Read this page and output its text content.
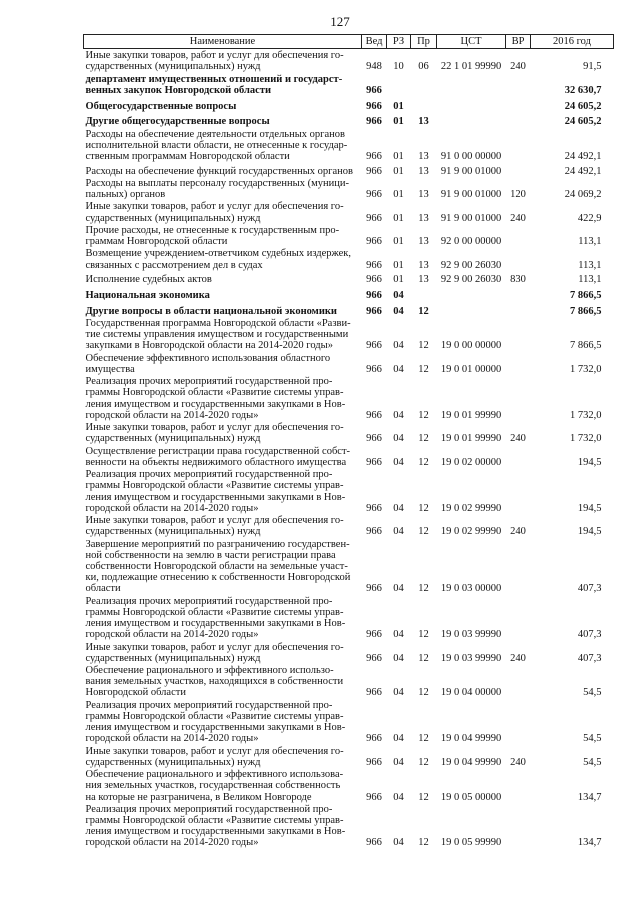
127
Наименование	Вед	РЗ	Пр	ЦСТ	ВР	2016 год

Иные закупки товаров, работ и услуг для обеспечения го-
сударственных (муниципальных) нужд	948	10	06	22 1 01 99990	240	91,5

департамент имущественных отношений и государст-
венных закупок Новгородской области	966					32 630,7

Общегосударственные вопросы	966	01				24 605,2

Другие общегосударственные вопросы	966	01	13			24 605,2

Расходы на обеспечение деятельности отдельных органов
исполнительной власти области, не отнесенные к государ-
ственным программам Новгородской области	966	01	13	91 0 00 00000		24 492,1

Расходы на обеспечение функций государственных органов	966	01	13	91 9 00 01000		24 492,1

Расходы на выплаты персоналу государственных (муници-
пальных) органов	966	01	13	91 9 00 01000	120	24 069,2

Иные закупки товаров, работ и услуг для обеспечения го-
сударственных (муниципальных) нужд	966	01	13	91 9 00 01000	240	422,9

Прочие расходы, не отнесенные к государственным про-
граммам Новгородской области	966	01	13	92 0 00 00000		113,1

Возмещение учреждением-ответчиком судебных издержек,
связанных с рассмотрением дел в судах	966	01	13	92 9 00 26030		113,1

Исполнение судебных актов	966	01	13	92 9 00 26030	830	113,1

Национальная экономика	966	04				7 866,5

Другие вопросы в области национальной экономики	966	04	12			7 866,5

Государственная программа Новгородской области «Разви-
тие системы управления имуществом и государственными
закупками в Новгородской области на 2014-2020 годы»	966	04	12	19 0 00 00000		7 866,5

Обеспечение эффективного использования областного
имущества	966	04	12	19 0 01 00000		1 732,0

Реализация прочих мероприятий государственной про-
граммы Новгородской области «Развитие системы управ-
ления имуществом и государственными закупками в Нов-
городской области на 2014-2020 годы»	966	04	12	19 0 01 99990		1 732,0

Иные закупки товаров, работ и услуг для обеспечения го-
сударственных (муниципальных) нужд	966	04	12	19 0 01 99990	240	1 732,0

Осуществление регистрации права государственной собст-
венности на объекты недвижимого областного имущества	966	04	12	19 0 02 00000		194,5

Реализация прочих мероприятий государственной про-
граммы Новгородской области «Развитие системы управ-
ления имуществом и государственными закупками в Нов-
городской области на 2014-2020 годы»	966	04	12	19 0 02 99990		194,5

Иные закупки товаров, работ и услуг для обеспечения го-
сударственных (муниципальных) нужд	966	04	12	19 0 02 99990	240	194,5

Завершение мероприятий по разграничению государствен-
ной собственности на землю в части регистрации права
собственности Новгородской области на земельные участ-
ки, подлежащие отнесению к собственности Новгородской
области	966	04	12	19 0 03 00000		407,3

Реализация прочих мероприятий государственной про-
граммы Новгородской области «Развитие системы управ-
ления имуществом и государственными закупками в Нов-
городской области на 2014-2020 годы»	966	04	12	19 0 03 99990		407,3

Иные закупки товаров, работ и услуг для обеспечения го-
сударственных (муниципальных) нужд	966	04	12	19 0 03 99990	240	407,3

Обеспечение рационального и эффективного использо-
вания земельных участков, находящихся в собственности
Новгородской области	966	04	12	19 0 04 00000		54,5

Реализация прочих мероприятий государственной про-
граммы Новгородской области «Развитие системы управ-
ления имуществом и государственными закупками в Нов-
городской области на 2014-2020 годы»	966	04	12	19 0 04 99990		54,5

Иные закупки товаров, работ и услуг для обеспечения го-
сударственных (муниципальных) нужд	966	04	12	19 0 04 99990	240	54,5

Обеспечение рационального и эффективного использова-
ния земельных участков, государственная собственность
на которые не разграничена, в Великом Новгороде	966	04	12	19 0 05 00000		134,7

Реализация прочих мероприятий государственной про-
граммы Новгородской области «Развитие системы управ-
ления имуществом и государственными закупками в Нов-
городской области на 2014-2020 годы»	966	04	12	19 0 05 99990		134,7
